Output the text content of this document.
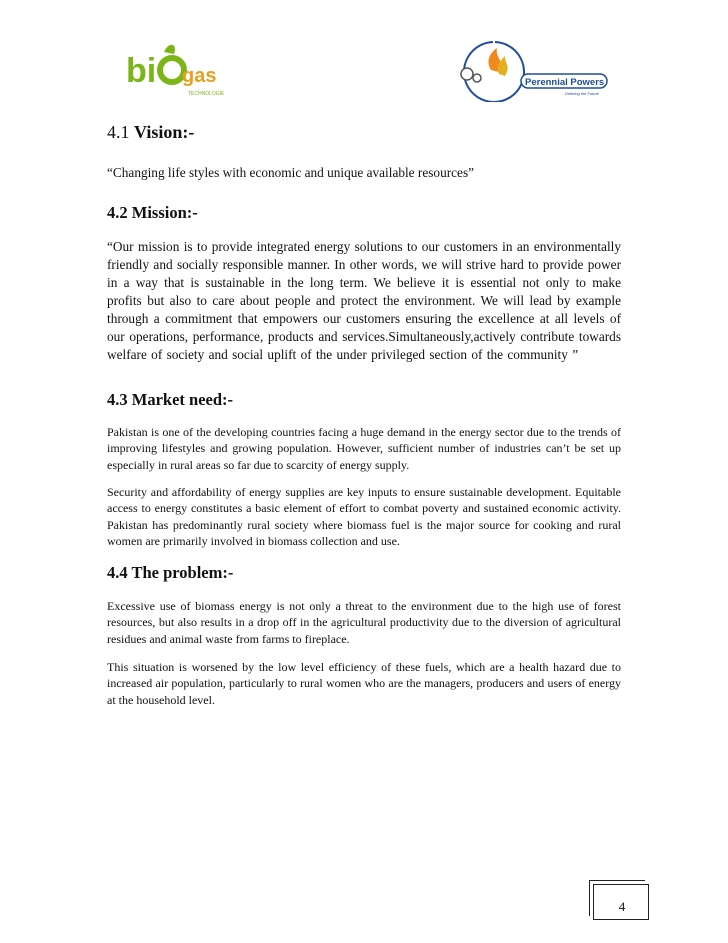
bi gas
TECHNOLOGIES
Perennial Powers
Defining the Future
4.1 Vision:-
“Changing life styles with economic and unique available resources”
4.2 Mission:-
“Our mission is to provide integrated energy solutions to our customers in an environmentally friendly and socially responsible manner. In other words, we will strive hard to provide power in a way that is sustainable in the long term. We believe it is essential not only to make profits but also to care about people and protect the environment. We will lead by example through a commitment that empowers our customers ensuring the excellence at all levels of our operations, performance, products and services.Simultaneously,actively contribute towards welfare of society and social uplift of the under privileged section of the community ”
4.3 Market need:-
Pakistan is one of the developing countries facing a huge demand in the energy sector due to the trends of improving lifestyles and growing population. However, sufficient number of industries can’t be set up especially in rural areas so far due to scarcity of energy supply.
Security and affordability of energy supplies are key inputs to ensure sustainable development. Equitable access to energy constitutes a basic element of effort to combat poverty and sustained economic activity. Pakistan has predominantly rural society where biomass fuel is the major source for cooking and rural women are primarily involved in biomass collection and use.
4.4 The problem:-
Excessive use of biomass energy is not only a threat to the environment due to the high use of forest resources, but also results in a drop off in the agricultural productivity due to the diversion of agricultural residues and animal waste from farms to fireplace.
This situation is worsened by the low level efficiency of these fuels, which are a health hazard due to increased air population, particularly to rural women who are the managers, producers and users of energy at the household level.
4
